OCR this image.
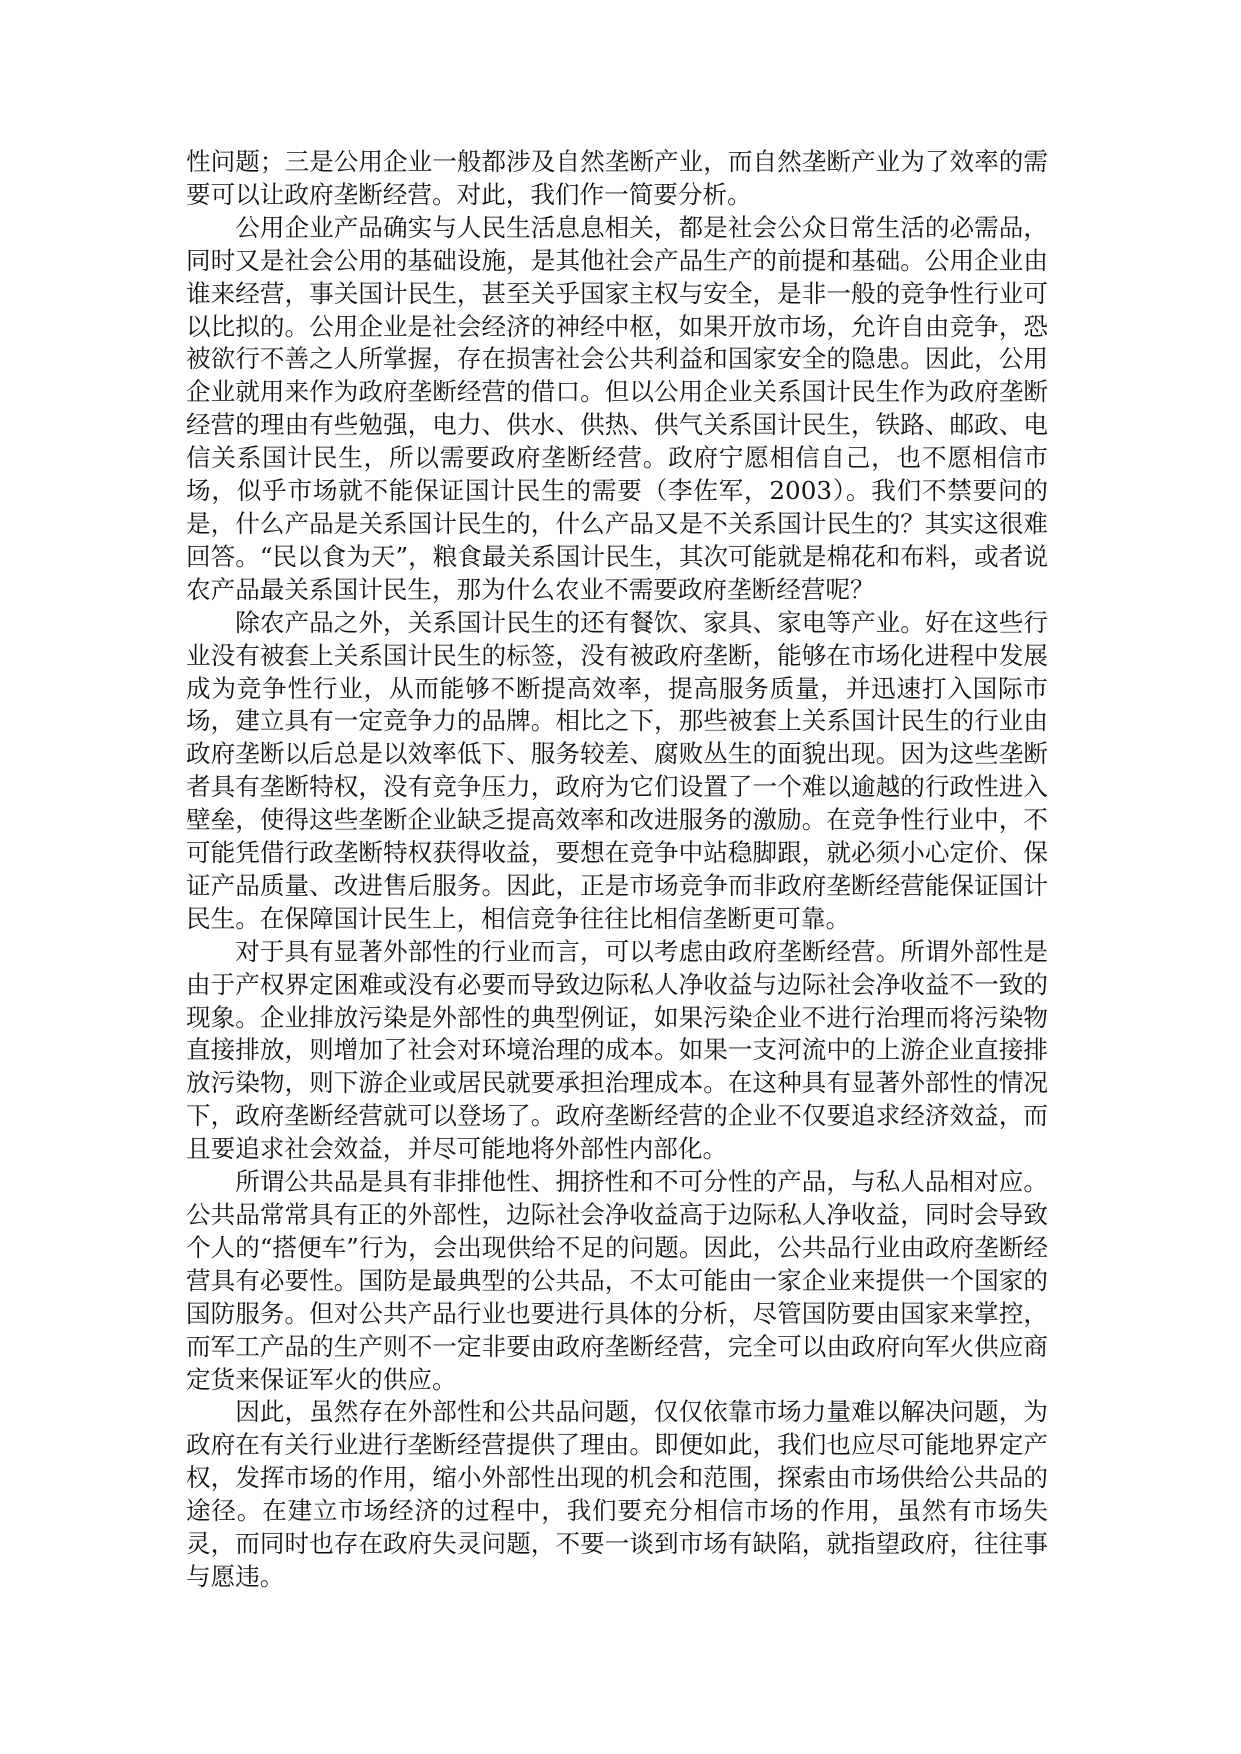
性问题；三是公用企业一般都涉及自然垄断产业，而自然垄断产业为了效率的需要可以让政府垄断经营。对此，我们作一简要分析。

公用企业产品确实与人民生活息息相关，都是社会公众日常生活的必需品，同时又是社会公用的基础设施，是其他社会产品生产的前提和基础。公用企业由谁来经营，事关国计民生，甚至关乎国家主权与安全，是非一般的竞争性行业可以比拟的。公用企业是社会经济的神经中枢，如果开放市场，允许自由竞争，恐被欲行不善之人所掌握，存在损害社会公共利益和国家安全的隐患。因此，公用企业就用来作为政府垄断经营的借口。但以公用企业关系国计民生作为政府垄断经营的理由有些勉强，电力、供水、供热、供气关系国计民生，铁路、邮政、电信关系国计民生，所以需要政府垄断经营。政府宁愿相信自己，也不愿相信市场，似乎市场就不能保证国计民生的需要（李佐军，2003）。我们不禁要问的是，什么产品是关系国计民生的，什么产品又是不关系国计民生的？其实这很难回答。“民以食为天”，粮食最关系国计民生，其次可能就是棉花和布料，或者说农产品最关系国计民生，那为什么农业不需要政府垄断经营呢？

除农产品之外，关系国计民生的还有餐饮、家具、家电等产业。好在这些行业没有被套上关系国计民生的标签，没有被政府垄断，能够在市场化进程中发展成为竞争性行业，从而能够不断提高效率，提高服务质量，并迅速打入国际市场，建立具有一定竞争力的品牌。相比之下，那些被套上关系国计民生的行业由政府垄断以后总是以效率低下、服务较差、腐败丛生的面貌出现。因为这些垄断者具有垄断特权，没有竞争压力，政府为它们设置了一个难以逾越的行政性进入壁垒，使得这些垄断企业缺乏提高效率和改进服务的激励。在竞争性行业中，不可能凭借行政垄断特权获得收益，要想在竞争中站稳脚跟，就必须小心定价、保证产品质量、改进售后服务。因此，正是市场竞争而非政府垄断经营能保证国计民生。在保障国计民生上，相信竞争往往比相信垄断更可靠。

对于具有显著外部性的行业而言，可以考虑由政府垄断经营。所谓外部性是由于产权界定困难或没有必要而导致边际私人净收益与边际社会净收益不一致的现象。企业排放污染是外部性的典型例证，如果污染企业不进行治理而将污染物直接排放，则增加了社会对环境治理的成本。如果一支河流中的上游企业直接排放污染物，则下游企业或居民就要承担治理成本。在这种具有显著外部性的情况下，政府垄断经营就可以登场了。政府垄断经营的企业不仅要追求经济效益，而且要追求社会效益，并尽可能地将外部性内部化。

所谓公共品是具有非排他性、拥挤性和不可分性的产品，与私人品相对应。公共品常常具有正的外部性，边际社会净收益高于边际私人净收益，同时会导致个人的“搭便车”行为，会出现供给不足的问题。因此，公共品行业由政府垄断经营具有必要性。国防是最典型的公共品，不太可能由一家企业来提供一个国家的国防服务。但对公共产品行业也要进行具体的分析，尽管国防要由国家来掌控，而军工产品的生产则不一定非要由政府垄断经营，完全可以由政府向军火供应商定货来保证军火的供应。

因此，虽然存在外部性和公共品问题，仅仅依靠市场力量难以解决问题，为政府在有关行业进行垄断经营提供了理由。即便如此，我们也应尽可能地界定产权，发挥市场的作用，缩小外部性出现的机会和范围，探索由市场供给公共品的途径。在建立市场经济的过程中，我们要充分相信市场的作用，虽然有市场失灵，而同时也存在政府失灵问题，不要一谈到市场有缺陷，就指望政府，往往事与愿违。
